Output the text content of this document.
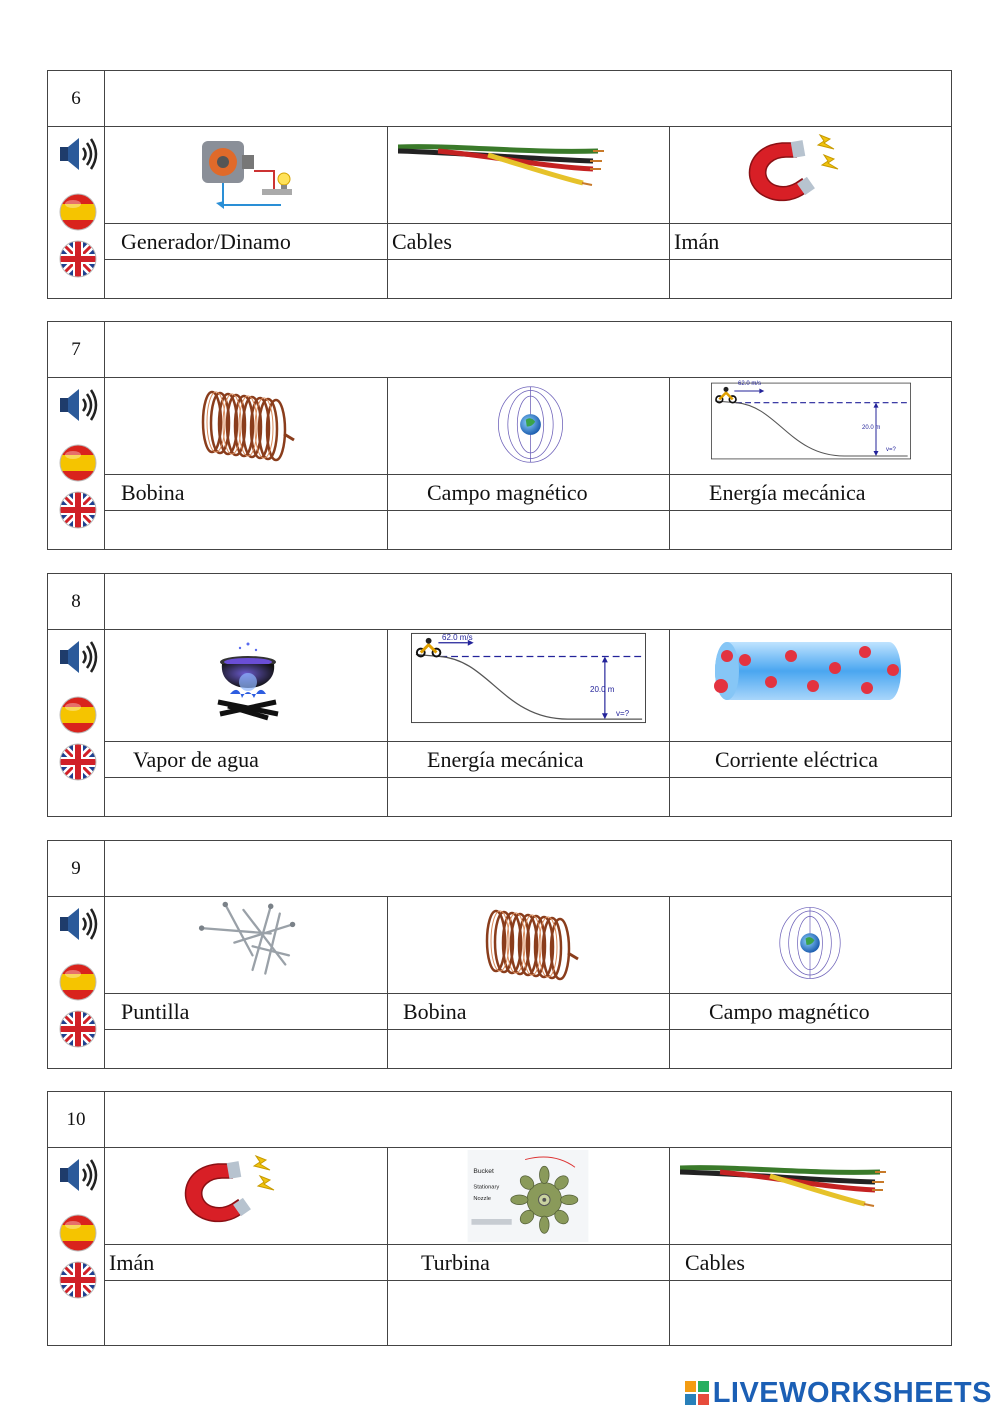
6
Generador/Dinamo	Cables	Imán
7
Bobina	Campo magnético	Energía mecánica
8
Vapor de agua	Energía mecánica	Corriente eléctrica
9
Puntilla	Bobina	Campo magnético
10
Imán	Turbina	Cables
62.0 m/s
20.0 m
v=?
62.0 m/s
20.0 m
v=?
LIVEWORKSHEETS
